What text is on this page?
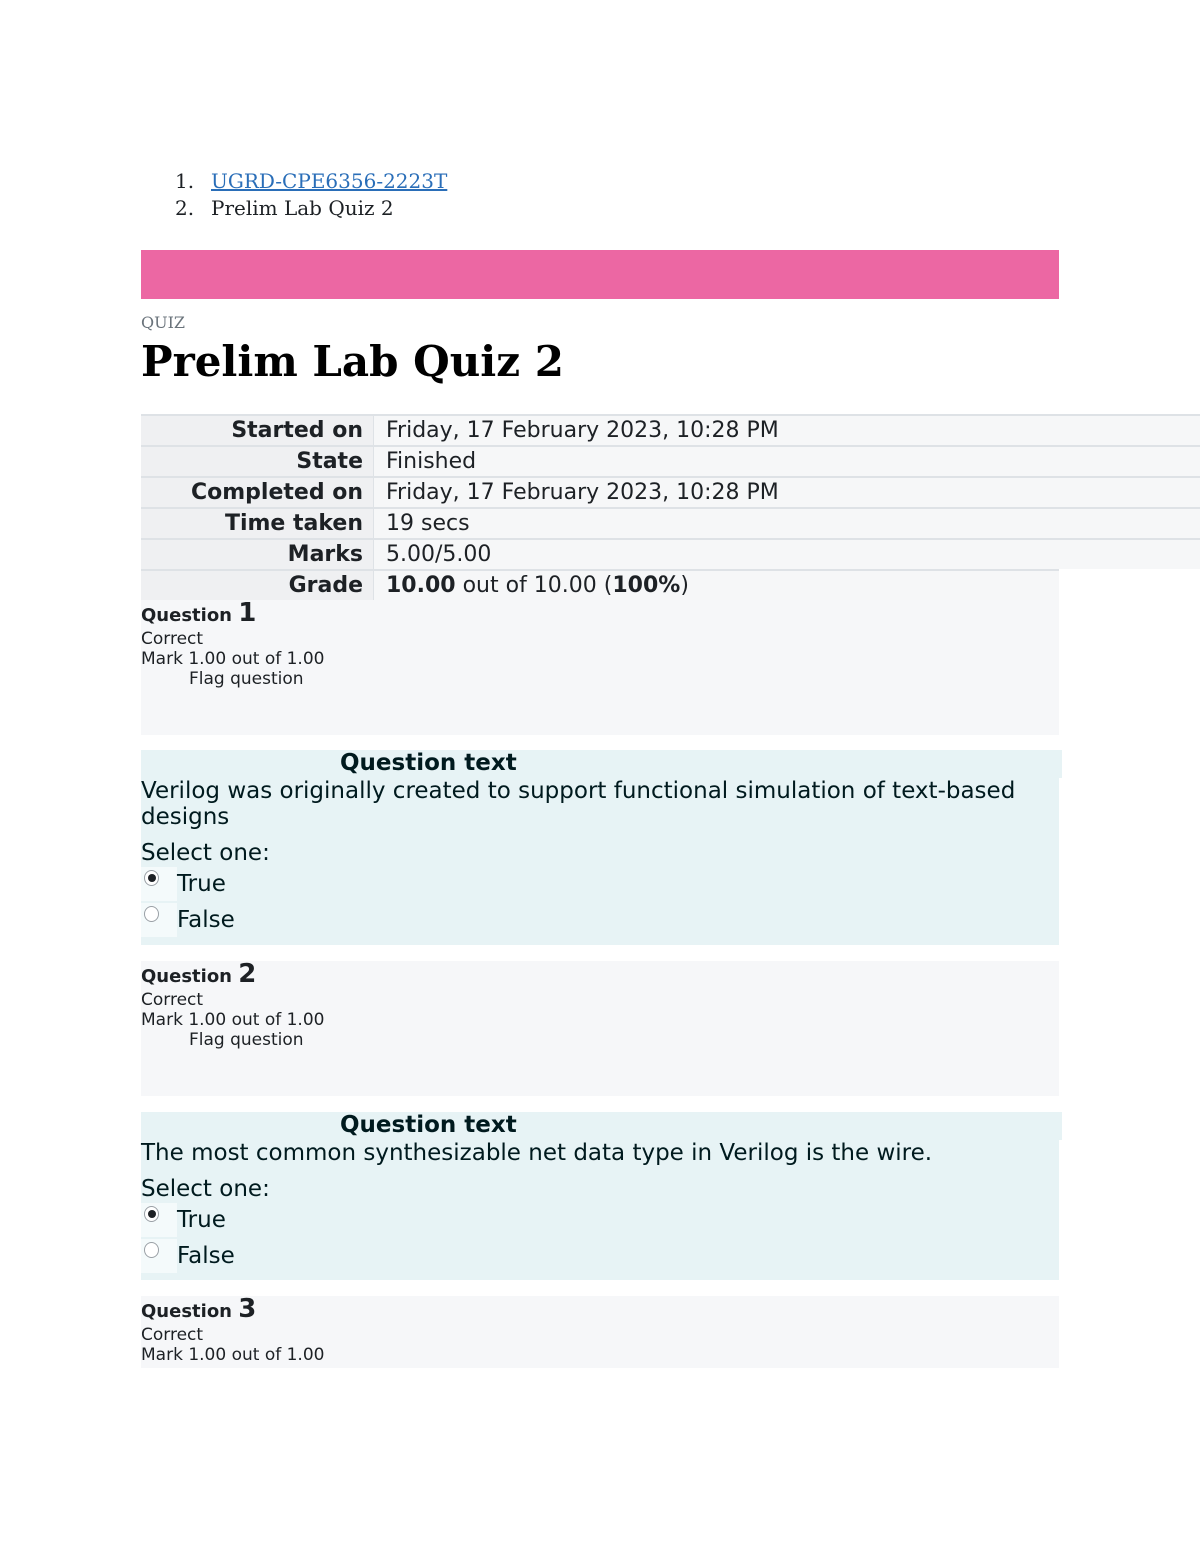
1. UGRD-CPE6356-2223T
2. Prelim Lab Quiz 2
QUIZ
Prelim Lab Quiz 2
Started on	Friday, 17 February 2023, 10:28 PM
State	Finished
Completed on	Friday, 17 February 2023, 10:28 PM
Time taken	19 secs
Marks	5.00/5.00
Grade	10.00 out of 10.00 (100%)
Question 1
Correct
Mark 1.00 out of 1.00
Flag question
Question text
Verilog was originally created to support functional simulation of text-based designs
Select one:
True
False
Question 2
Correct
Mark 1.00 out of 1.00
Flag question
Question text
The most common synthesizable net data type in Verilog is the wire.
Select one:
True
False
Question 3
Correct
Mark 1.00 out of 1.00
